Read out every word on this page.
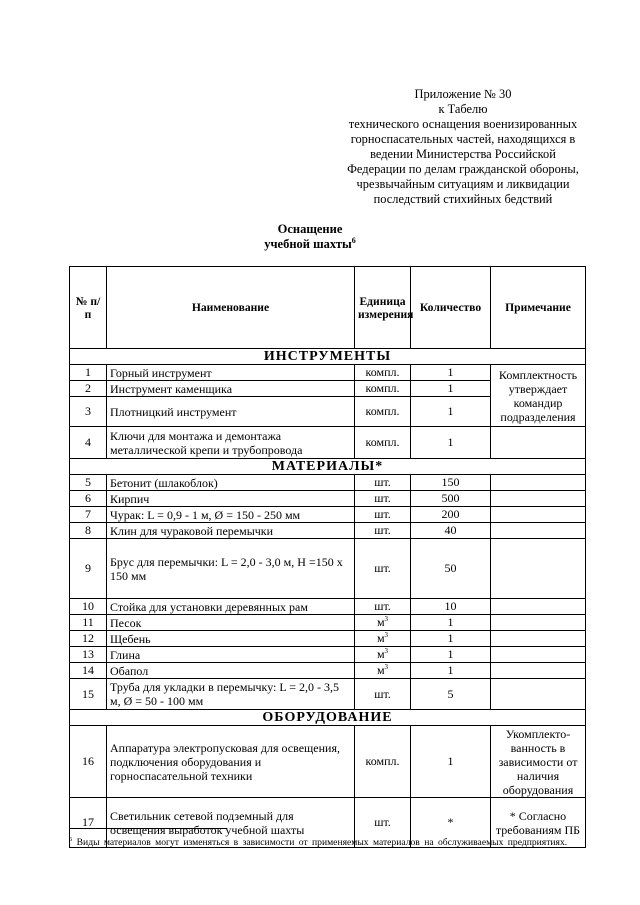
Приложение № 30
к Табелю
технического оснащения военизированных
горноспасательных частей, находящихся в
ведении Министерства Российской
Федерации по делам гражданской обороны,
чрезвычайным ситуациям и ликвидации
последствий стихийных бедствий
Оснащение
учебной шахты$^6$
№ п/п	Наименование	Единица измерения	Количество	Примечание
ИНСТРУМЕНТЫ				
1	Горный инструмент	компл.	1	Комплектность утверждает командир подразделения
2	Инструмент каменщика	компл.	1	
3	Плотницкий инструмент	компл.	1	
4	Ключи для монтажа и демонтажа металлической крепи и трубопровода	компл.	1	
МАТЕРИАЛЫ*				
5	Бетонит (шлакоблок)	шт.	150	
6	Кирпич	шт.	500	
7	Чурак: L = 0,9 - 1 м, Ø = 150 - 250 мм	шт.	200	
8	Клин для чураковой перемычки	шт.	40	
9	Брус для перемычки: L = 2,0 - 3,0 м, Н =150 х 150 мм	шт.	50	
10	Стойка для установки деревянных рам	шт.	10	
11	Песок	$м^3$	1	
12	Щебень	$м^3$	1	
13	Глина	$м^3$	1	
14	Обапол	$м^3$	1	
15	Труба для укладки в перемычку: L = 2,0 - 3,5 м, Ø = 50 - 100 мм	шт.	5	
ОБОРУДОВАНИЕ				
16	Аппаратура электропусковая для освещения, подключения оборудования и горноспасательной техники	компл.	1	Укомплекто-ванность в зависимости от наличия оборудования
17	Светильник сетевой подземный для освещения выработок учебной шахты	шт.	*	* Согласно требованиям ПБ
$^6$ Виды материалов могут изменяться в зависимости от применяемых материалов на обслуживаемых предприятиях.
